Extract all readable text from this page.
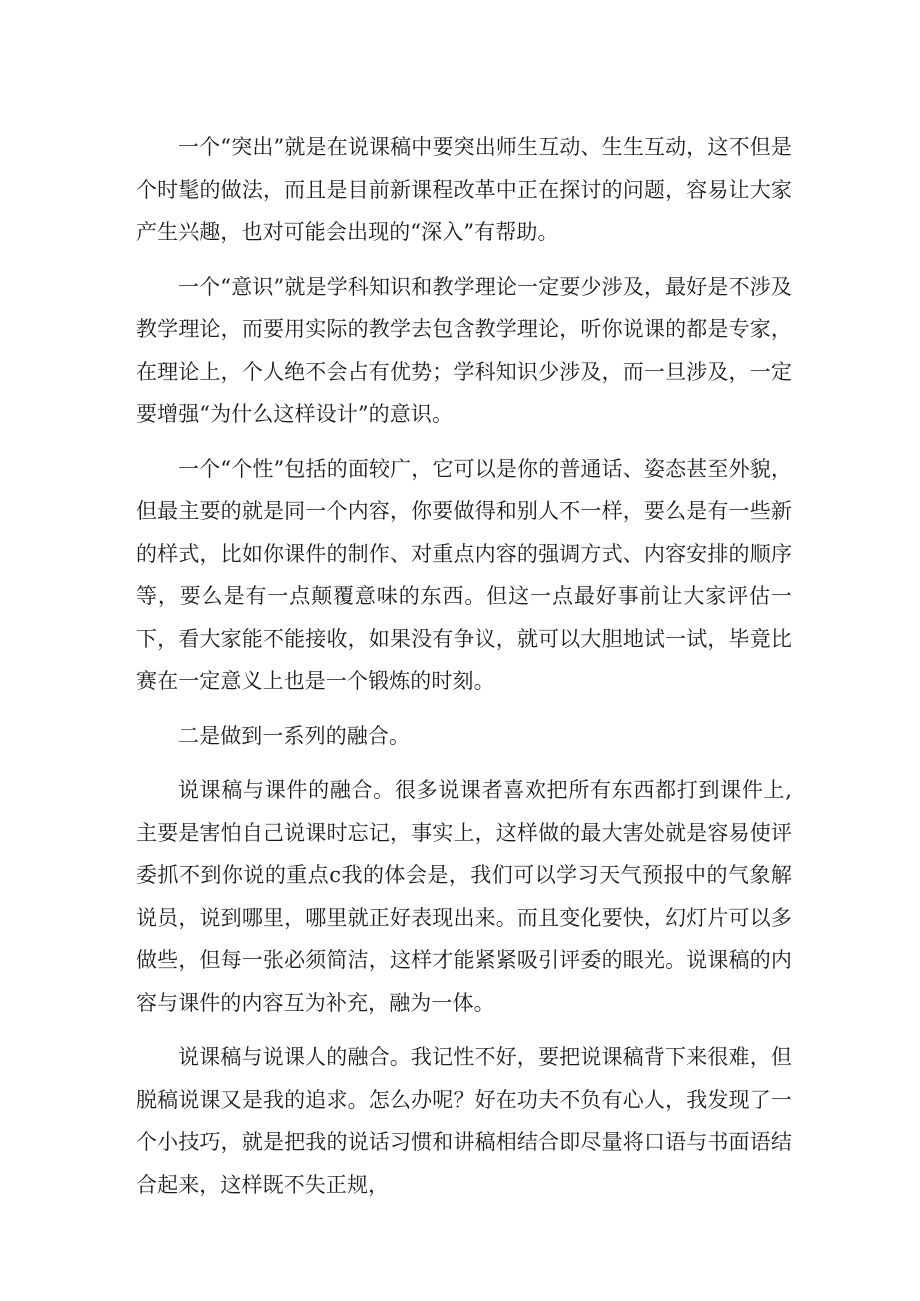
一个“突出”就是在说课稿中要突出师生互动、生生互动，这不但是个时髦的做法，而且是目前新课程改革中正在探讨的问题，容易让大家产生兴趣，也对可能会出现的“深入”有帮助。

一个“意识”就是学科知识和教学理论一定要少涉及，最好是不涉及教学理论，而要用实际的教学去包含教学理论，听你说课的都是专家，在理论上，个人绝不会占有优势；学科知识少涉及，而一旦涉及，一定要增强“为什么这样设计”的意识。

一个“个性”包括的面较广，它可以是你的普通话、姿态甚至外貌，但最主要的就是同一个内容，你要做得和别人不一样，要么是有一些新的样式，比如你课件的制作、对重点内容的强调方式、内容安排的顺序等，要么是有一点颠覆意味的东西。但这一点最好事前让大家评估一下，看大家能不能接收，如果没有争议，就可以大胆地试一试，毕竟比赛在一定意义上也是一个锻炼的时刻。

二是做到一系列的融合。

说课稿与课件的融合。很多说课者喜欢把所有东西都打到课件上,主要是害怕自己说课时忘记，事实上，这样做的最大害处就是容易使评委抓不到你说的重点c我的体会是，我们可以学习天气预报中的气象解说员，说到哪里，哪里就正好表现出来。而且变化要快，幻灯片可以多做些，但每一张必须简洁，这样才能紧紧吸引评委的眼光。说课稿的内容与课件的内容互为补充，融为一体。

说课稿与说课人的融合。我记性不好，要把说课稿背下来很难，但脱稿说课又是我的追求。怎么办呢？好在功夫不负有心人，我发现了一个小技巧，就是把我的说话习惯和讲稿相结合即尽量将口语与书面语结合起来，这样既不失正规，
